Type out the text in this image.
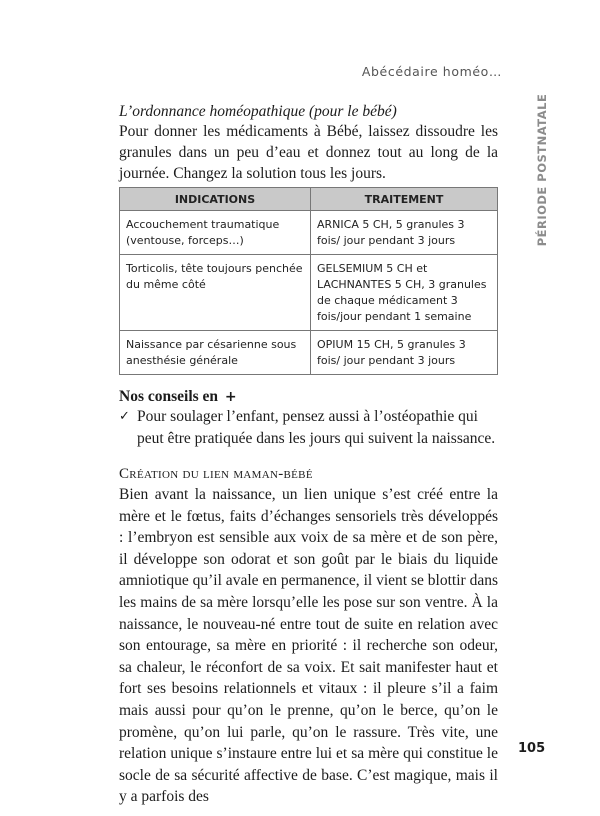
Abécédaire homéo…
PÉRIODE POSTNATALE
L’ordonnance homéopathique (pour le bébé)
Pour donner les médicaments à Bébé, laissez dissoudre les granules dans un peu d’eau et donnez tout au long de la journée. Changez la solution tous les jours.
INDICATIONS	TRAITEMENT
Accouchement traumatique (ventouse, forceps…)	ARNICA 5 CH, 5 granules 3 fois/ jour pendant 3 jours
Torticolis, tête toujours penchée du même côté	GELSEMIUM 5 CH et LACHNANTES 5 CH, 3 granules de chaque médicament 3 fois/jour pendant 1 semaine
Naissance par césarienne sous anesthésie générale	OPIUM 15 CH, 5 granules 3 fois/ jour pendant 3 jours
Nos conseils en +
✓ Pour soulager l’enfant, pensez aussi à l’ostéopathie qui peut être pratiquée dans les jours qui suivent la naissance.
Création du lien maman-bébé
Bien avant la naissance, un lien unique s’est créé entre la mère et le fœtus, faits d’échanges sensoriels très développés : l’embryon est sensible aux voix de sa mère et de son père, il développe son odorat et son goût par le biais du liquide amniotique qu’il avale en permanence, il vient se blottir dans les mains de sa mère lorsqu’elle les pose sur son ventre. À la naissance, le nouveau-né entre tout de suite en relation avec son entourage, sa mère en priorité : il recherche son odeur, sa chaleur, le réconfort de sa voix. Et sait manifester haut et fort ses besoins relationnels et vitaux : il pleure s’il a faim mais aussi pour qu’on le prenne, qu’on le berce, qu’on le promène, qu’on lui parle, qu’on le rassure. Très vite, une relation unique s’instaure entre lui et sa mère qui constitue le socle de sa sécurité affective de base. C’est magique, mais il y a parfois des
105
